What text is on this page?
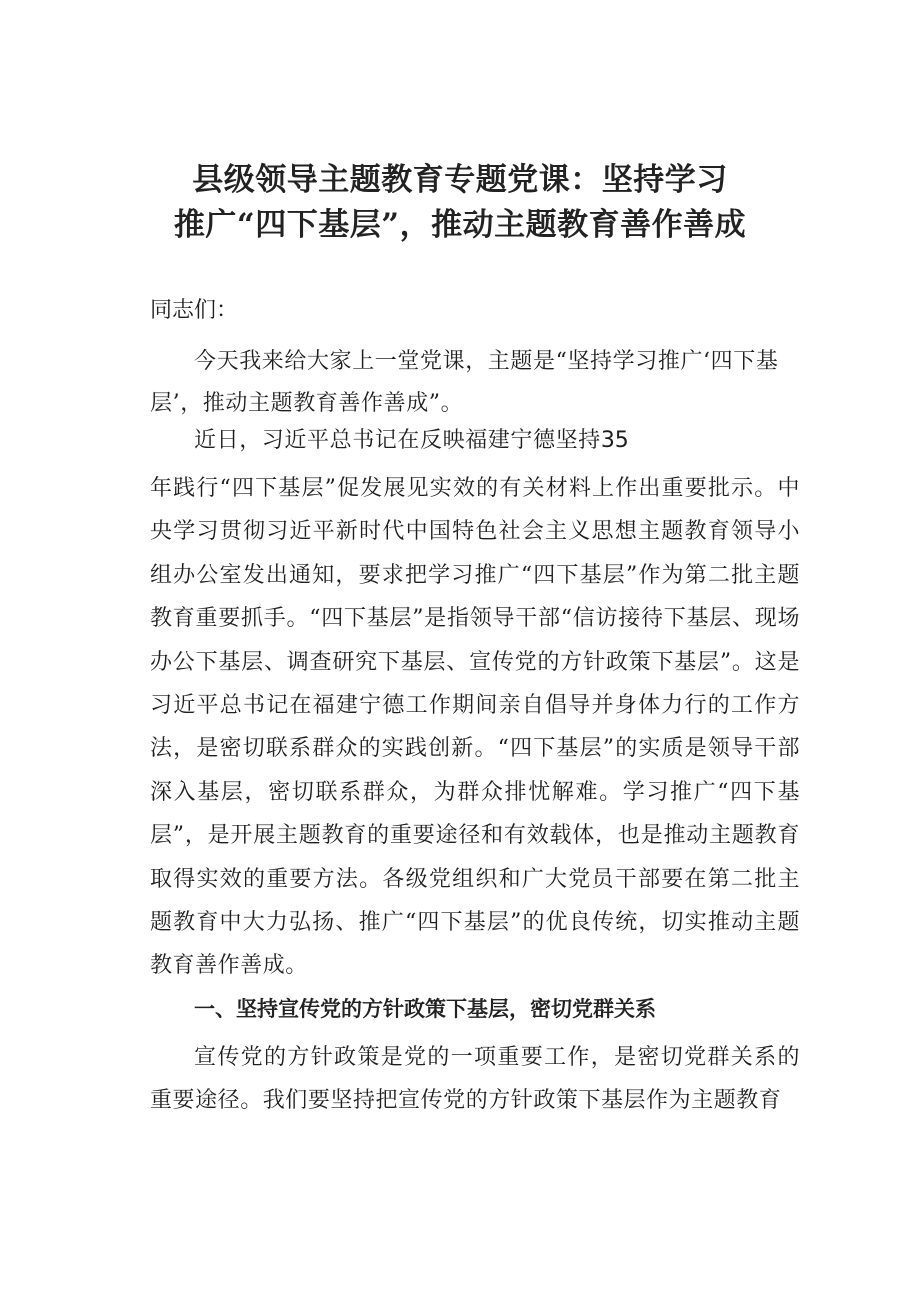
县级领导主题教育专题党课：坚持学习
推广“四下基层”，推动主题教育善作善成
同志们：
今天我来给大家上一堂党课，主题是“坚持学习推广‘四下基层’，推动主题教育善作善成”。
近日，习近平总书记在反映福建宁德坚持35
年践行“四下基层”促发展见实效的有关材料上作出重要批示。中央学习贯彻习近平新时代中国特色社会主义思想主题教育领导小组办公室发出通知，要求把学习推广“四下基层”作为第二批主题教育重要抓手。“四下基层”是指领导干部“信访接待下基层、现场办公下基层、调查研究下基层、宣传党的方针政策下基层”。这是习近平总书记在福建宁德工作期间亲自倡导并身体力行的工作方法，是密切联系群众的实践创新。“四下基层”的实质是领导干部深入基层，密切联系群众，为群众排忧解难。学习推广“四下基层”，是开展主题教育的重要途径和有效载体，也是推动主题教育取得实效的重要方法。各级党组织和广大党员干部要在第二批主题教育中大力弘扬、推广“四下基层”的优良传统，切实推动主题教育善作善成。
一、坚持宣传党的方针政策下基层，密切党群关系
宣传党的方针政策是党的一项重要工作，是密切党群关系的重要途径。我们要坚持把宣传党的方针政策下基层作为主题教育
